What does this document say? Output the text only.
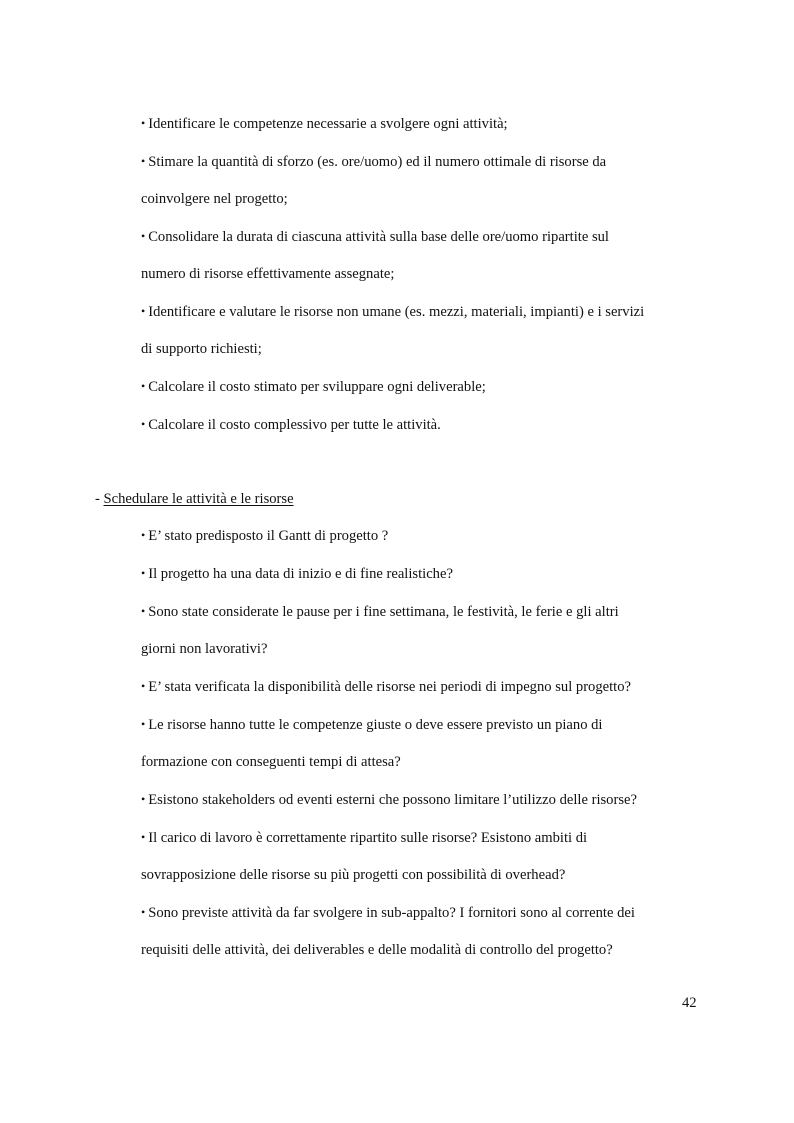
• Identificare le competenze necessarie a svolgere ogni attività;
• Stimare la quantità di sforzo (es. ore/uomo) ed il numero ottimale di risorse da
coinvolgere nel progetto;
• Consolidare la durata di ciascuna attività sulla base delle ore/uomo ripartite sul
numero di risorse effettivamente assegnate;
• Identificare e valutare le risorse non umane (es. mezzi, materiali, impianti) e i servizi
di supporto richiesti;
• Calcolare il costo stimato per sviluppare ogni deliverable;
• Calcolare il costo complessivo per tutte le attività.
- Schedulare le attività e le risorse
• E’ stato predisposto il Gantt di progetto ?
• Il progetto ha una data di inizio e di fine realistiche?
• Sono state considerate le pause per i fine settimana, le festività, le ferie e gli altri
giorni non lavorativi?
• E’ stata verificata la disponibilità delle risorse nei periodi di impegno sul progetto?
• Le risorse hanno tutte le competenze giuste o deve essere previsto un piano di
formazione con conseguenti tempi di attesa?
• Esistono stakeholders od eventi esterni che possono limitare l’utilizzo delle risorse?
• Il carico di lavoro è correttamente ripartito sulle risorse? Esistono ambiti di
sovrapposizione delle risorse su più progetti con possibilità di overhead?
• Sono previste attività da far svolgere in sub-appalto? I fornitori sono al corrente dei
requisiti delle attività, dei deliverables e delle modalità di controllo del progetto?
42
